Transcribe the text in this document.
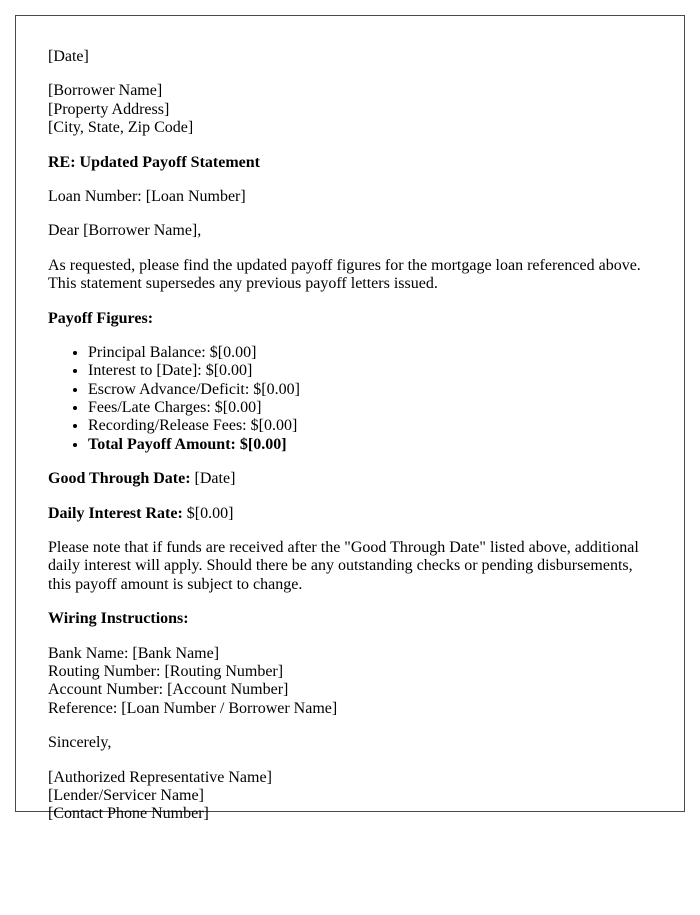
[Date]
[Borrower Name]
[Property Address]
[City, State, Zip Code]
RE: Updated Payoff Statement
Loan Number: [Loan Number]
Dear [Borrower Name],
As requested, please find the updated payoff figures for the mortgage loan referenced above. This statement supersedes any previous payoff letters issued.
Payoff Figures:
• Principal Balance: $[0.00]
• Interest to [Date]: $[0.00]
• Escrow Advance/Deficit: $[0.00]
• Fees/Late Charges: $[0.00]
• Recording/Release Fees: $[0.00]
• Total Payoff Amount: $[0.00]
Good Through Date: [Date]
Daily Interest Rate: $[0.00]
Please note that if funds are received after the "Good Through Date" listed above, additional daily interest will apply. Should there be any outstanding checks or pending disbursements, this payoff amount is subject to change.
Wiring Instructions:
Bank Name: [Bank Name]
Routing Number: [Routing Number]
Account Number: [Account Number]
Reference: [Loan Number / Borrower Name]
Sincerely,
[Authorized Representative Name]
[Lender/Servicer Name]
[Contact Phone Number]
